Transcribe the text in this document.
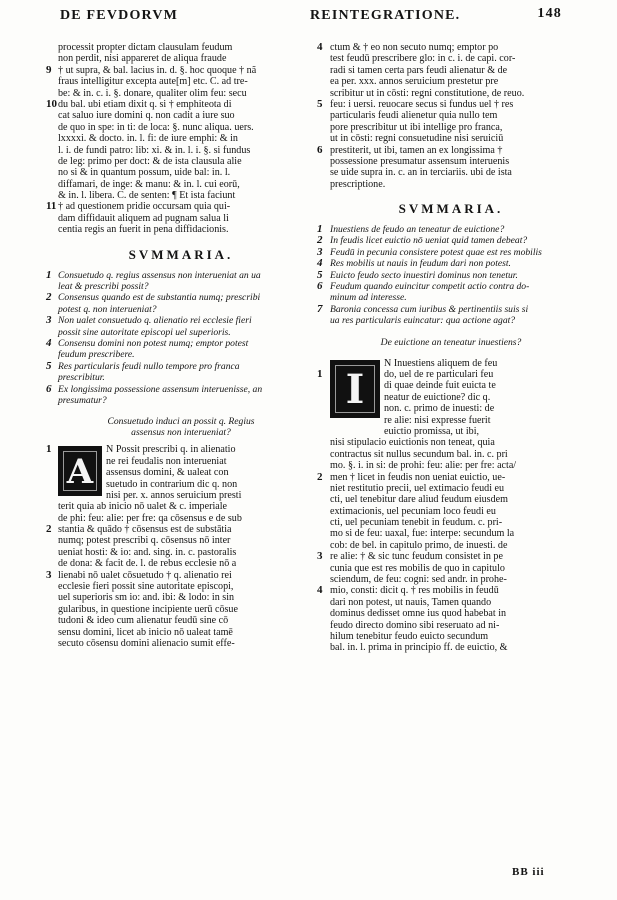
DE FEVDORVM	REINTEGRATIONE.	148
processit propter dictam clausulam feudum
non perdit, nisi appareret de aliqua fraude
9 † ut supra, & bal. lacius in. d. §. hoc quoque † nã
fraus intelligitur excepta aute[m] etc. C. ad tre-
be: & in. c. i. §. donare, qualiter olim feu: secu
10 du bal. ubi etiam dixit q. si † emphiteota di
cat saluo iure domini q. non cadit a iure suo
de quo in spe: in ti: de loca: §. nunc aliqua. uers.
lxxxxi. & docto. in. l. fi: de iure emphi: & in
l. i. de fundi patro: lib: xi. & in. l. i. §. si fundus
de leg: primo per doct: & de ista clausula alie
no si & in quantum possum, uide bal: in. l.
diffamari, de inge: & manu: & in. l. cui eorū,
& in. l. libera. C. de senten: ¶ Et ista faciunt
11 † ad questionem pridie occursam quia qui-
dam diffidauit aliquem ad pugnam salua li
centia regis an fuerit in pena diffidacionis.
SVMMARIA.
1 Consuetudo q. regius assensus non interueniat an ua
leat & prescribi possit?
2 Consensus quando est de substantia numq; prescribi
potest q. non interueniat?
3 Non ualet consuetudo q. alienatio rei ecclesie fieri
possit sine autoritate episcopi uel superioris.
4 Consensu domini non potest numq; emptor potest
feudum prescribere.
5 Res particularis feudi nullo tempore pro franca
prescribitur.
6 Ex longissima possessione assensum interuenisse, an
presumatur?
Consuetudo induci an possit q. Regius
assensus non interueniat?
A
1	N Possit prescribi q. in alienatio
ne rei feudalis non interueniat
assensus domini, & ualeat con
suetudo in contrarium dic q. non
nisi per. x. annos seruicium presti
terit quia ab inicio nō ualet & c. imperiale
de phi: feu: alie: per fre: qa cōsensus e de sub
2 stantia & quādo † cōsensus est de substātia
numq; potest prescribi q. cōsensus nō inter
ueniat hosti: & io: and. sing. in. c. pastoralis
de dona: & facit de. l. de rebus ecclesie nō a
3 lienabi nō ualet cōsuetudo † q. alienatio rei
ecclesie fieri possit sine autoritate episcopi,
uel superioris sm io: and. ibi: & lodo: in sin
gularibus, in questione incipiente uerū cōsue
tudoni & ideo cum alienatur feudū sine cō
sensu domini, licet ab inicio nō ualeat tamē
secuto cōsensu domini alienacio sumit effe-
4 ctum & † eo non secuto numq; emptor po
test feudū prescribere glo: in c. i. de capi. cor-
radi si tamen certa pars feudi alienatur & de
ea per. xxx. annos seruicium prestetur pre
scribitur ut in cōsti: regni constitutione, de reuo.
5 feu: i uersi. reuocare secus si fundus uel † res
particularis feudi alienetur quia nullo tem
pore prescribitur ut ibi intellige pro franca,
ut in cōsti: regni consuetudine nisi seruiciū
6 prestiterit, ut ibi, tamen an ex longissima †
possessione presumatur assensum interuenis
se uide supra in. c. an in terciariis. ubi de ista
prescriptione.
SVMMARIA.
1 Inuestiens de feudo an teneatur de euictione?
2 In feudis licet euictio nō ueniat quid tamen debeat?
3 Feudū in pecunia consistere potest quae est res mobilis
4 Res mobilis ut nauis in feudum dari non potest.
5 Euicto feudo secto inuestiri dominus non tenetur.
6 Feudum quando euincitur competit actio contra do-
minum ad interesse.
7 Baronia concessa cum iuribus & pertinentiis suis si
ua res particularis euincatur: qua actione agat?
De euictione an teneatur inuestiens?
I
N Inuestiens aliquem de feu
1	do, uel de re particulari feu
di quae deinde fuit euicta te
neatur de euictione? dic q.
non. c. primo de inuesti: de
re alie: nisi expresse fuerit
euictio promissa, ut ibi,
nisi stipulacio euictionis non teneat, quia
contractus sit nullus secundum bal. in. c. pri
mo. §. i. in si: de prohi: feu: alie: per fre: acta/
2 men † licet in feudis non ueniat euictio, ue-
niet restitutio precii, uel extimacio feudi eu
cti, uel tenebitur dare aliud feudum eiusdem
extimacionis, uel pecuniam loco feudi eu
cti, uel pecuniam tenebit in feudum. c. pri-
mo si de feu: uaxal, fue: interpe: secundum la
cob: de bel. in capitulo primo, de inuesti. de
3 re alie: † & sic tunc feudum consistet in pe
cunia que est res mobilis de quo in capitulo
sciendum, de feu: cogni: sed andr. in prohe-
4 mio, consti: dicit q. † res mobilis in feudū
dari non potest, ut nauis, Tamen quando
dominus dedisset omne ius quod habebat in
feudo directo domino sibi reseruato ad ni-
hilum tenebitur feudo euicto secundum
bal. in. l. prima in principio ff. de euictio, &
BB iii
